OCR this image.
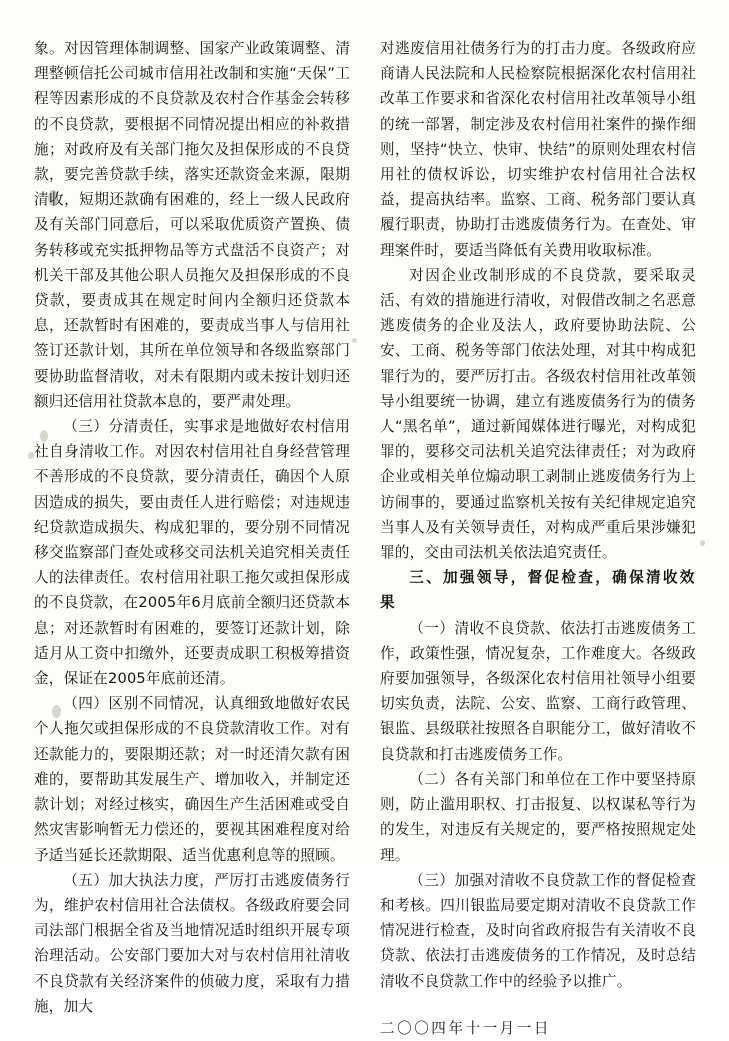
象。对因管理体制调整、国家产业政策调整、清理整顿信托公司城市信用社改制和实施“天保”工程等因素形成的不良贷款及农村合作基金会转移的不良贷款，要根据不同情况提出相应的补救措施；对政府及有关部门拖欠及担保形成的不良贷款，要完善贷款手续，落实还款资金来源，限期清收，短期还款确有困难的，经上一级人民政府及有关部门同意后，可以采取优质资产置换、债务转移或充实抵押物品等方式盘活不良资产；对机关干部及其他公职人员拖欠及担保形成的不良贷款，要责成其在规定时间内全额归还贷款本息，还款暂时有困难的，要责成当事人与信用社签订还款计划，其所在单位领导和各级监察部门要协助监督清收，对未有限期内或未按计划归还额归还信用社贷款本息的，要严肃处理。

（三）分清责任，实事求是地做好农村信用社自身清收工作。对因农村信用社自身经营管理不善形成的不良贷款，要分清责任，确因个人原因造成的损失，要由责任人进行赔偿；对违规违纪贷款造成损失、构成犯罪的，要分别不同情况移交监察部门查处或移交司法机关追究相关责任人的法律责任。农村信用社职工拖欠或担保形成的不良贷款，在2005年6月底前全额归还贷款本息；对还款暂时有困难的，要签订还款计划，除适月从工资中扣缴外，还要责成职工积极筹措资金，保证在2005年底前还清。

（四）区别不同情况，认真细致地做好农民个人拖欠或担保形成的不良贷款清收工作。对有还款能力的，要限期还款；对一时还清欠款有困难的，要帮助其发展生产、增加收入，并制定还款计划；对经过核实，确因生产生活困难或受自然灾害影响暂无力偿还的，要视其困难程度对给予适当延长还款期限、适当优惠利息等的照顾。

（五）加大执法力度，严厉打击逃废债务行为，维护农村信用社合法债权。各级政府要会同司法部门根据全省及当地情况适时组织开展专项治理活动。公安部门要加大对与农村信用社清收不良贷款有关经济案件的侦破力度，采取有力措施，加大

对逃废信用社债务行为的打击力度。各级政府应商请人民法院和人民检察院根据深化农村信用社改革工作要求和省深化农村信用社改革领导小组的统一部署，制定涉及农村信用社案件的操作细则，坚持“快立、快审、快结”的原则处理农村信用社的债权诉讼，切实维护农村信用社合法权益，提高执结率。监察、工商、税务部门要认真履行职责，协助打击逃废债务行为。在查处、审理案件时，要适当降低有关费用收取标准。

对因企业改制形成的不良贷款，要采取灵活、有效的措施进行清收，对假借改制之名恶意逃废债务的企业及法人，政府要协助法院、公安、工商、税务等部门依法处理，对其中构成犯罪行为的，要严厉打击。各级农村信用社改革领导小组要统一协调，建立有逃废债务行为的债务人“黑名单”，通过新闻媒体进行曝光，对构成犯罪的，要移交司法机关追究法律责任；对为政府企业或相关单位煽动职工剥制止逃废债务行为上访闹事的，要通过监察机关按有关纪律规定追究当事人及有关领导责任，对构成严重后果涉嫌犯罪的，交由司法机关依法追究责任。

三、加强领导，督促检查，确保清收效果

（一）清收不良贷款、依法打击逃废债务工作，政策性强，情况复杂，工作难度大。各级政府要加强领导，各级深化农村信用社领导小组要切实负责，法院、公安、监察、工商行政管理、银监、县级联社按照各自职能分工，做好清收不良贷款和打击逃废债务工作。

（二）各有关部门和单位在工作中要坚持原则，防止滥用职权、打击报复、以权谋私等行为的发生，对违反有关规定的，要严格按照规定处理。

（三）加强对清收不良贷款工作的督促检查和考核。四川银监局要定期对清收不良贷款工作情况进行检查，及时向省政府报告有关清收不良贷款、依法打击逃废债务的工作情况，及时总结清收不良贷款工作中的经验予以推广。

二〇〇四年十一月一日
